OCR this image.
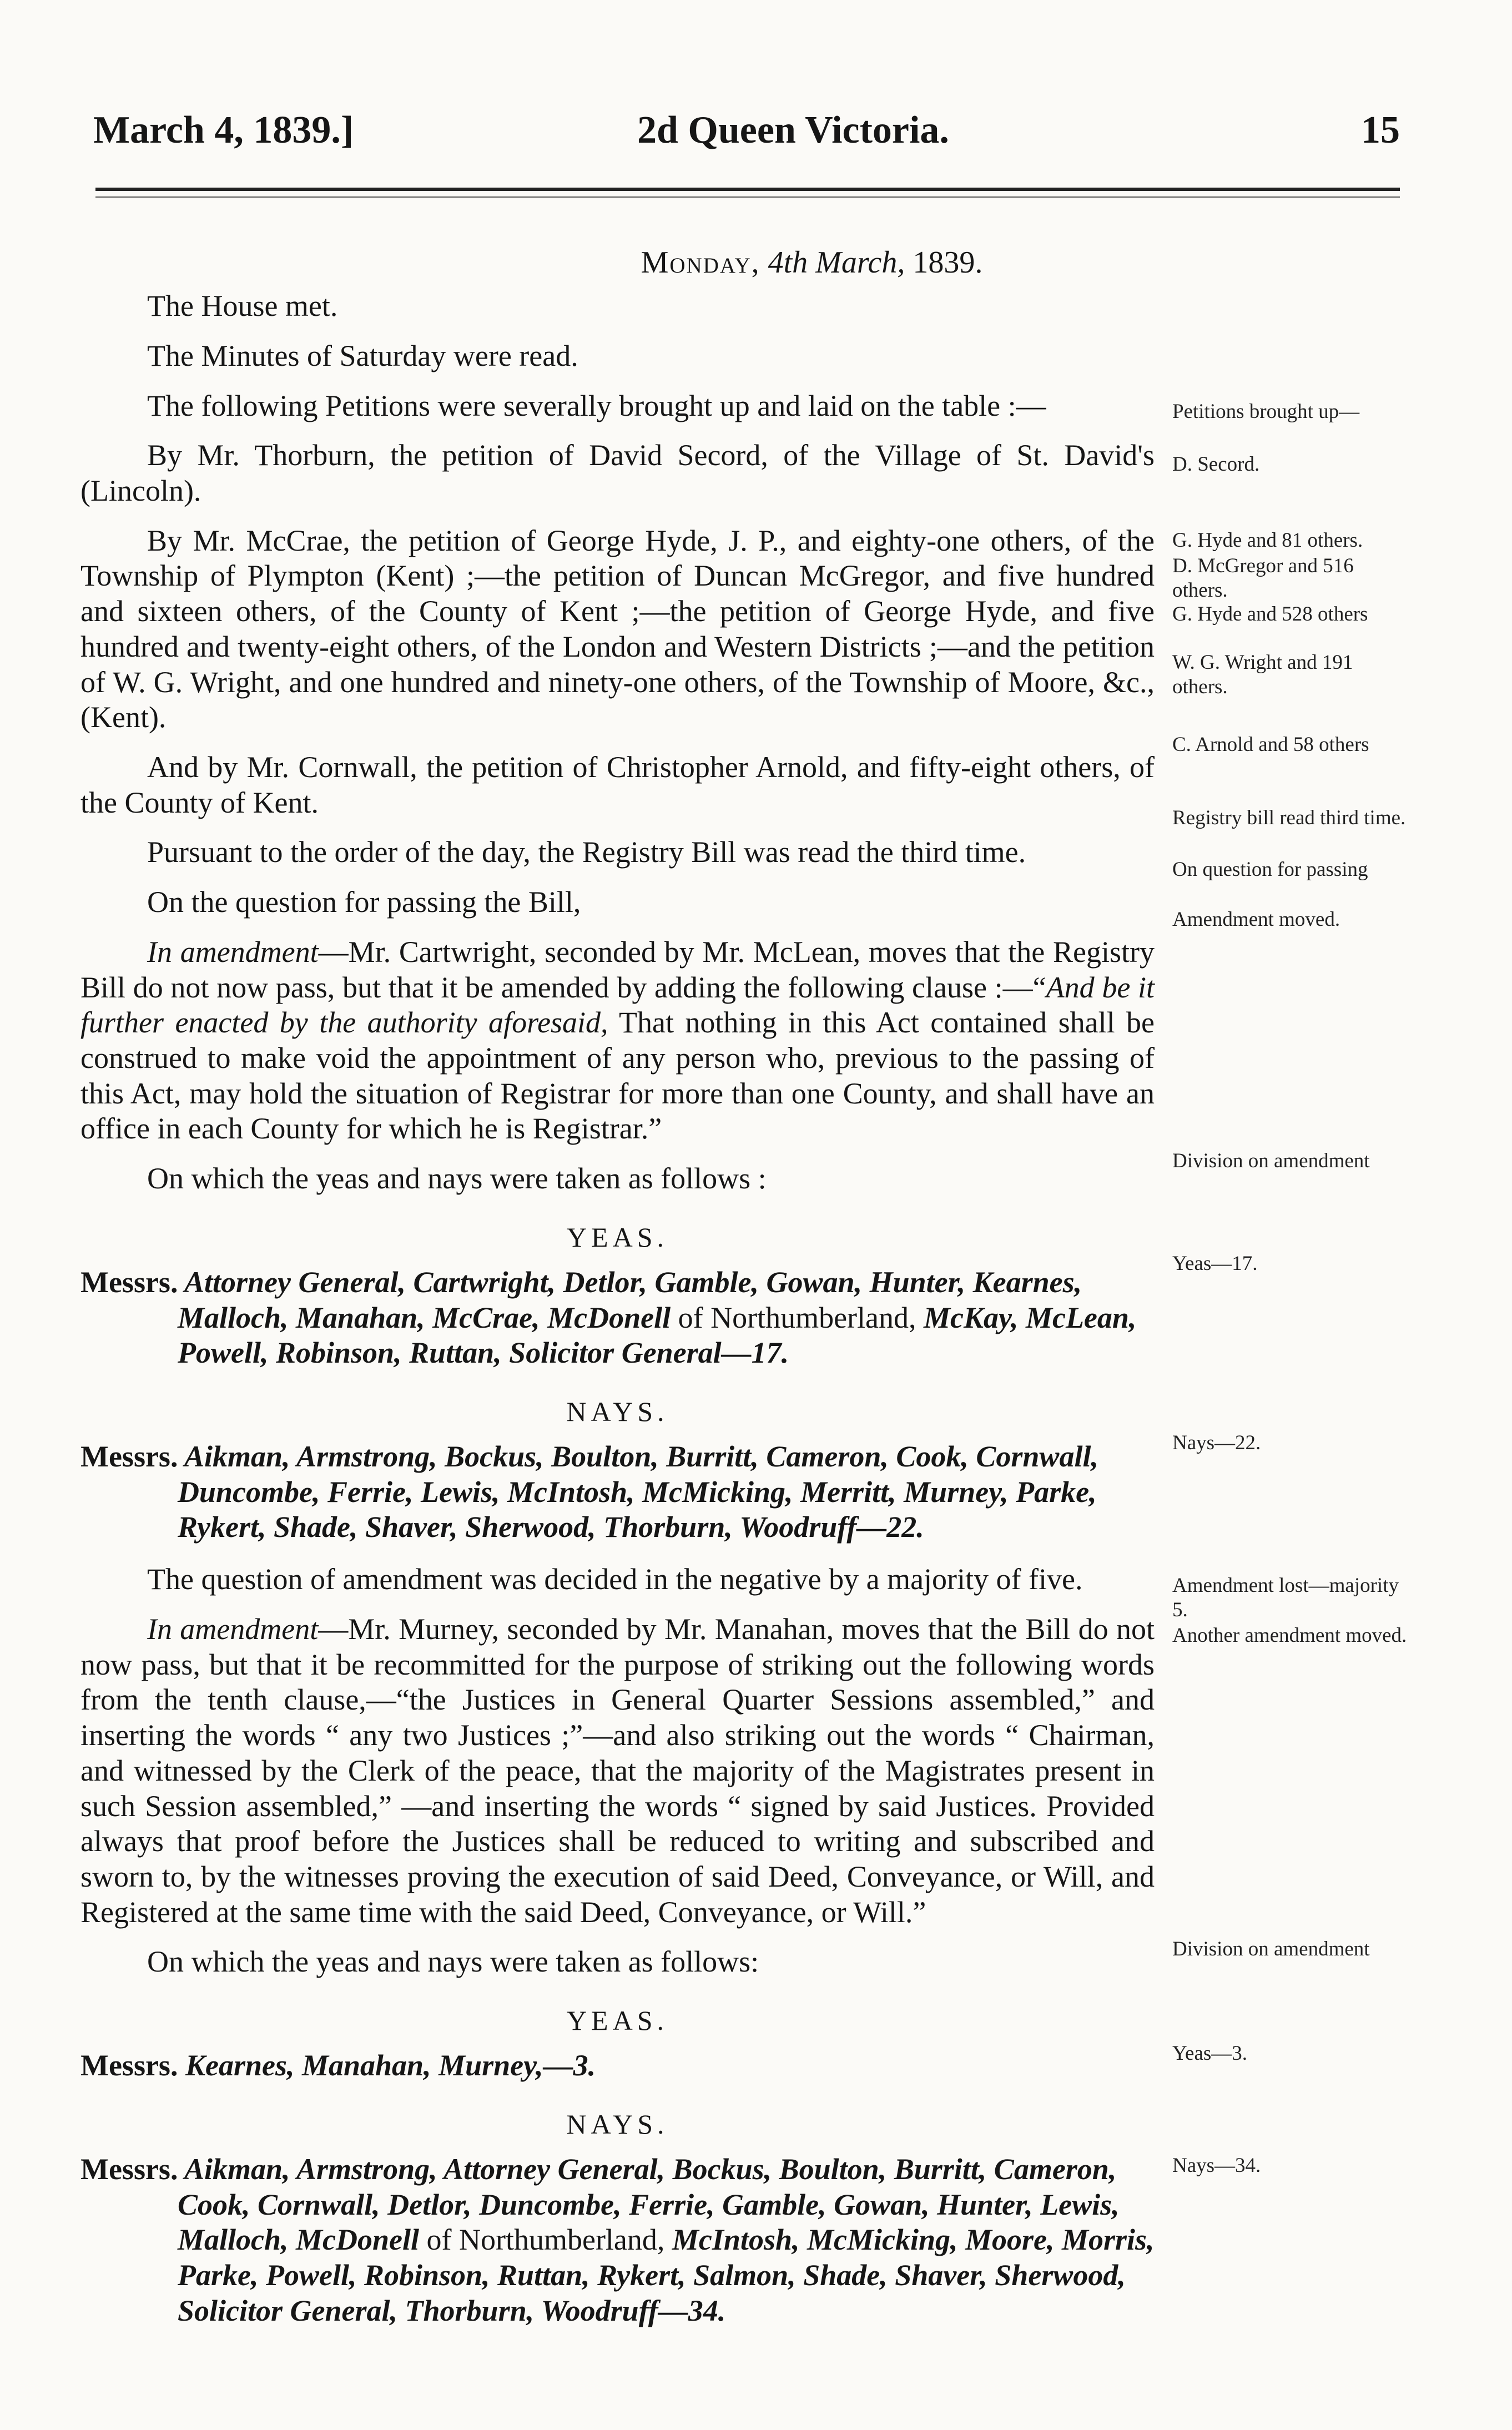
March 4, 1839.]	2d Queen Victoria.	15

Monday, 4th March, 1839.

The House met.

The Minutes of Saturday were read.

The following Petitions were severally brought up and laid on the table :—

By Mr. Thorburn, the petition of David Secord, of the Village of St. David's (Lincoln).

By Mr. McCrae, the petition of George Hyde, J. P., and eighty-one others, of the Township of Plympton (Kent) ;—the petition of Duncan McGregor, and five hundred and sixteen others, of the County of Kent ;—the petition of George Hyde, and five hundred and twenty-eight others, of the London and Western Districts ;—and the petition of W. G. Wright, and one hundred and ninety-one others, of the Township of Moore, &c., (Kent).

And by Mr. Cornwall, the petition of Christopher Arnold, and fifty-eight others, of the County of Kent.

Pursuant to the order of the day, the Registry Bill was read the third time.

On the question for passing the Bill,

In amendment—Mr. Cartwright, seconded by Mr. McLean, moves that the Registry Bill do not now pass, but that it be amended by adding the following clause :—“And be it further enacted by the authority aforesaid, That nothing in this Act contained shall be construed to make void the appointment of any person who, previous to the passing of this Act, may hold the situation of Registrar for more than one County, and shall have an office in each County for which he is Registrar.”

On which the yeas and nays were taken as follows :

YEAS.

Messrs. Attorney General, Cartwright, Detlor, Gamble, Gowan, Hunter, Kearnes, Malloch, Manahan, McCrae, McDonell of Northumberland, McKay, McLean, Powell, Robinson, Ruttan, Solicitor General—17.

NAYS.

Messrs. Aikman, Armstrong, Bockus, Boulton, Burritt, Cameron, Cook, Cornwall, Duncombe, Ferrie, Lewis, McIntosh, McMicking, Merritt, Murney, Parke, Rykert, Shade, Shaver, Sherwood, Thorburn, Woodruff—22.

The question of amendment was decided in the negative by a majority of five.

In amendment—Mr. Murney, seconded by Mr. Manahan, moves that the Bill do not now pass, but that it be recommitted for the purpose of striking out the following words from the tenth clause,—“the Justices in General Quarter Sessions assembled,” and inserting the words “ any two Justices ;”—and also striking out the words “ Chairman, and witnessed by the Clerk of the peace, that the majority of the Magistrates present in such Session assembled,” —and inserting the words “ signed by said Justices. Provided always that proof before the Justices shall be reduced to writing and subscribed and sworn to, by the witnesses proving the execution of said Deed, Conveyance, or Will, and Registered at the same time with the said Deed, Conveyance, or Will.”

On which the yeas and nays were taken as follows:

YEAS.

Messrs. Kearnes, Manahan, Murney,—3.

NAYS.

Messrs. Aikman, Armstrong, Attorney General, Bockus, Boulton, Burritt, Cameron, Cook, Cornwall, Detlor, Duncombe, Ferrie, Gamble, Gowan, Hunter, Lewis, Malloch, McDonell of Northumberland, McIntosh, McMicking, Moore, Morris, Parke, Powell, Robinson, Ruttan, Rykert, Salmon, Shade, Shaver, Sherwood, Solicitor General, Thorburn, Woodruff—34.

Petitions brought up—
D. Secord.
G. Hyde and 81 others.
D. McGregor and 516 others.
G. Hyde and 528 others
W. G. Wright and 191 others.
C. Arnold and 58 others
Registry bill read third time.
On question for passing
Amendment moved.
Division on amendment
Yeas—17.
Nays—22.
Amendment lost—majority 5.
Another amendment moved.
Division on amendment
Yeas—3.
Nays—34.
